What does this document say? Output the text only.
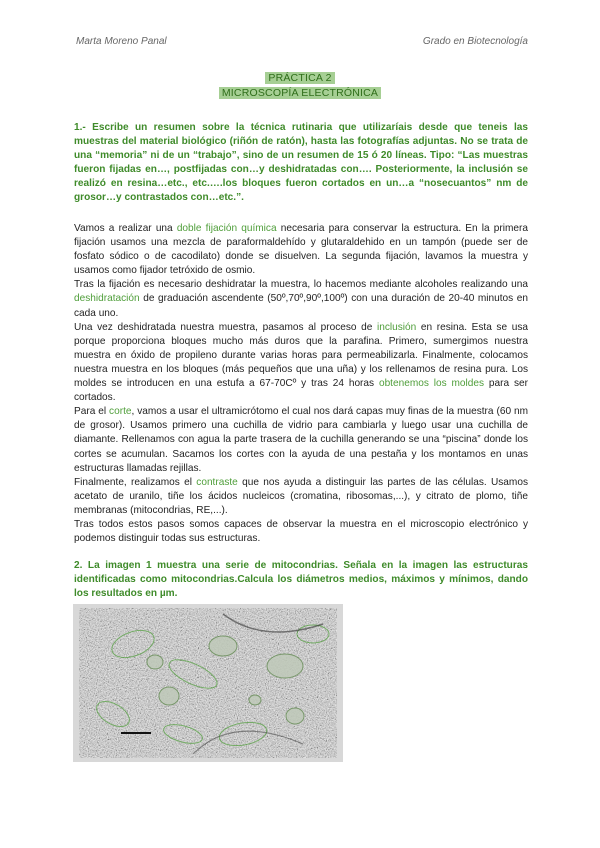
Marta Moreno Panal	Grado en Biotecnología
PRÁCTICA 2
MICROSCOPÍA ELECTRÓNICA
1.- Escribe un resumen sobre la técnica rutinaria que utilizaríais desde que teneis las muestras del material biológico (riñón de ratón), hasta las fotografías adjuntas. No se trata de una “memoria” ni de un “trabajo”, sino de un resumen de 15 ó 20 líneas. Tipo: “Las muestras fueron fijadas en…, postfijadas con…y deshidratadas con…. Posteriormente, la inclusión se realizó en resina…etc., etc.….los bloques fueron cortados en un…a “nosecuantos” nm de grosor…y contrastados con…etc.”.

Vamos a realizar una doble fijación química necesaria para conservar la estructura. En la primera fijación usamos una mezcla de paraformaldehído y glutaraldehido en un tampón (puede ser de fosfato sódico o de cacodilato) donde se disuelven. La segunda fijación, lavamos la muestra y usamos como fijador tetróxido de osmio.

Tras la fijación es necesario deshidratar la muestra, lo hacemos mediante alcoholes realizando una deshidratación de graduación ascendente (50º,70º,90º,100º) con una duración de 20-40 minutos en cada uno.

Una vez deshidratada nuestra muestra, pasamos al proceso de inclusión en resina. Esta se usa porque proporciona bloques mucho más duros que la parafina. Primero, sumergimos nuestra muestra en óxido de propileno durante varias horas para permeabilizarla. Finalmente, colocamos nuestra muestra en los bloques (más pequeños que una uña) y los rellenamos de resina pura. Los moldes se introducen en una estufa a 67-70Cº y tras 24 horas obtenemos los moldes para ser cortados.

Para el corte, vamos a usar el ultramicrótomo el cual nos dará capas muy finas de la muestra (60 nm de grosor). Usamos primero una cuchilla de vidrio para cambiarla y luego usar una cuchilla de diamante. Rellenamos con agua la parte trasera de la cuchilla generando se una “piscina” donde los cortes se acumulan. Sacamos los cortes con la ayuda de una pestaña y los montamos en unas estructuras llamadas rejillas.

Finalmente, realizamos el contraste que nos ayuda a distinguir las partes de las células. Usamos acetato de uranilo, tiñe los ácidos nucleicos (cromatina, ribosomas,...), y citrato de plomo, tiñe membranas (mitocondrias, RE,...).

Tras todos estos pasos somos capaces de observar la muestra en el microscopio electrónico y podemos distinguir todas sus estructuras.

2. La imagen 1 muestra una serie de mitocondrias. Señala en la imagen las estructuras identificadas como mitocondrias.Calcula los diámetros medios, máximos y mínimos, dando los resultados en µm.
